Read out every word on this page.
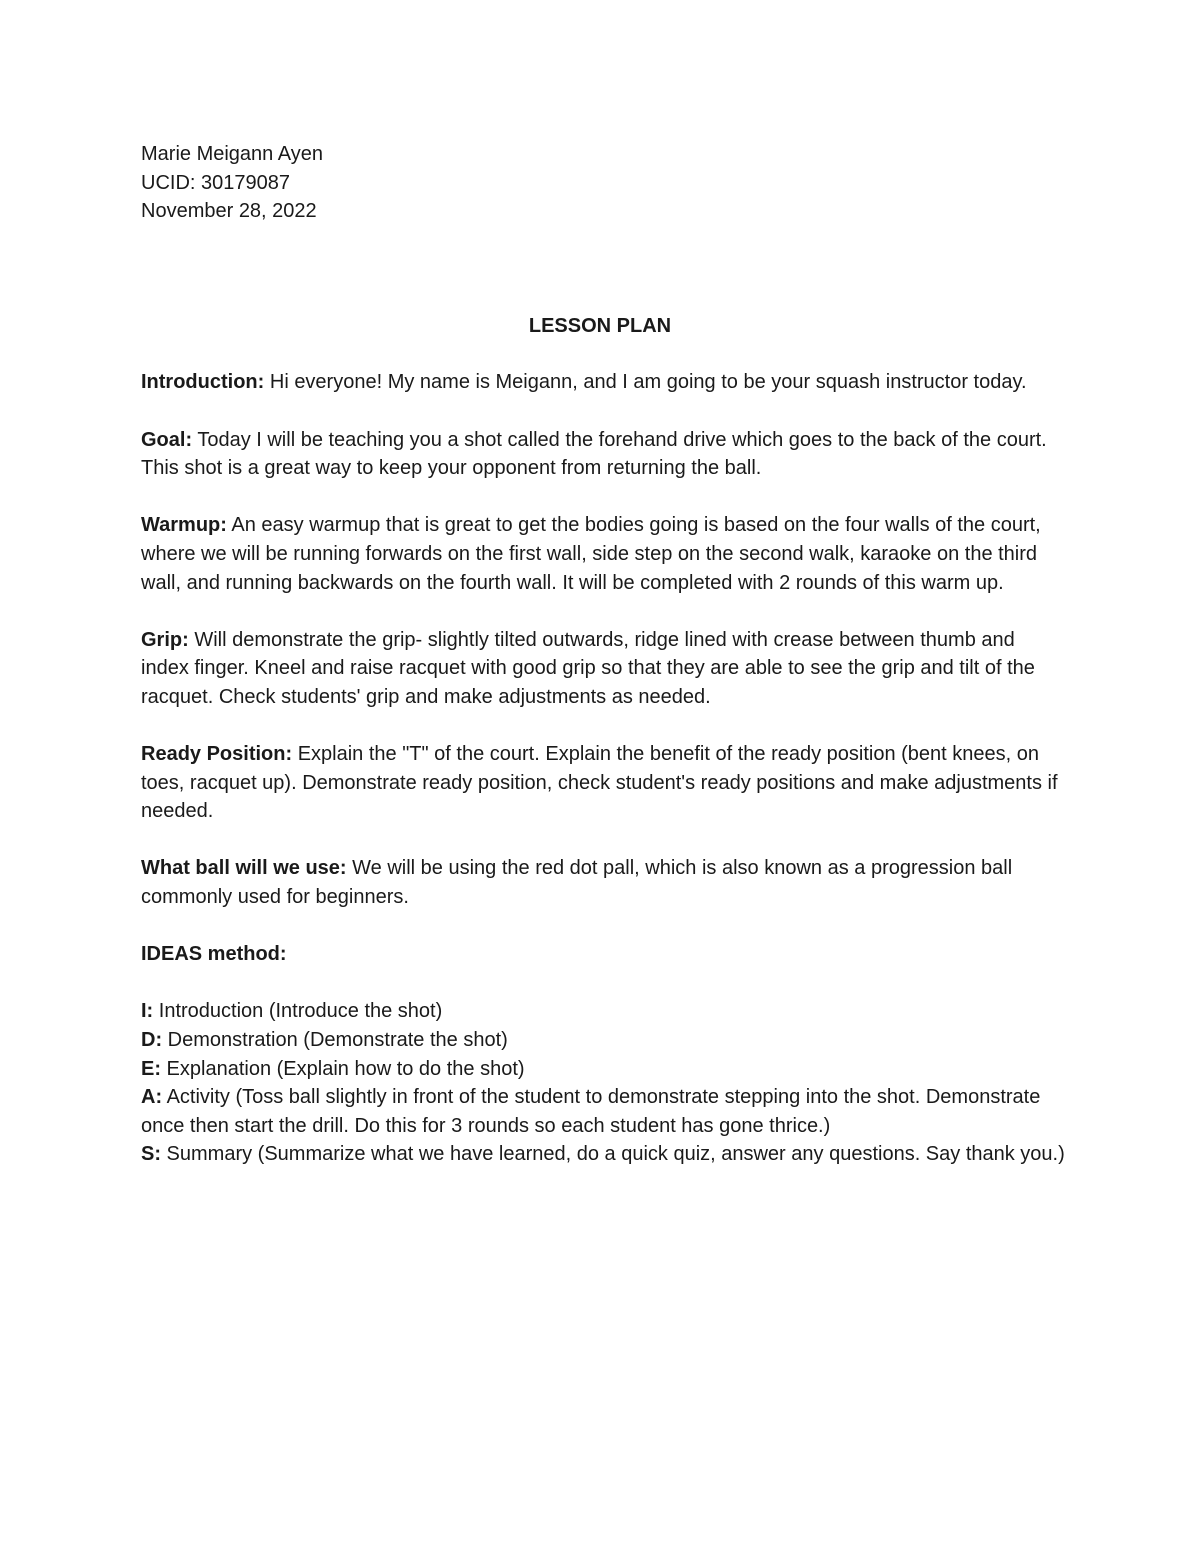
Marie Meigann Ayen
UCID: 30179087
November 28, 2022
LESSON PLAN

Introduction: Hi everyone! My name is Meigann, and I am going to be your squash instructor today.

Goal: Today I will be teaching you a shot called the forehand drive which goes to the back of the court. This shot is a great way to keep your opponent from returning the ball.

Warmup: An easy warmup that is great to get the bodies going is based on the four walls of the court, where we will be running forwards on the first wall, side step on the second walk, karaoke on the third wall, and running backwards on the fourth wall. It will be completed with 2 rounds of this warm up.

Grip: Will demonstrate the grip- slightly tilted outwards, ridge lined with crease between thumb and index finger. Kneel and raise racquet with good grip so that they are able to see the grip and tilt of the racquet. Check students' grip and make adjustments as needed.

Ready Position: Explain the "T" of the court. Explain the benefit of the ready position (bent knees, on toes, racquet up). Demonstrate ready position, check student's ready positions and make adjustments if needed.

What ball will we use: We will be using the red dot pall, which is also known as a progression ball commonly used for beginners.

IDEAS method:

I: Introduction (Introduce the shot)

D: Demonstration (Demonstrate the shot)

E: Explanation (Explain how to do the shot)

A: Activity (Toss ball slightly in front of the student to demonstrate stepping into the shot. Demonstrate once then start the drill. Do this for 3 rounds so each student has gone thrice.)

S: Summary (Summarize what we have learned, do a quick quiz, answer any questions. Say thank you.)
